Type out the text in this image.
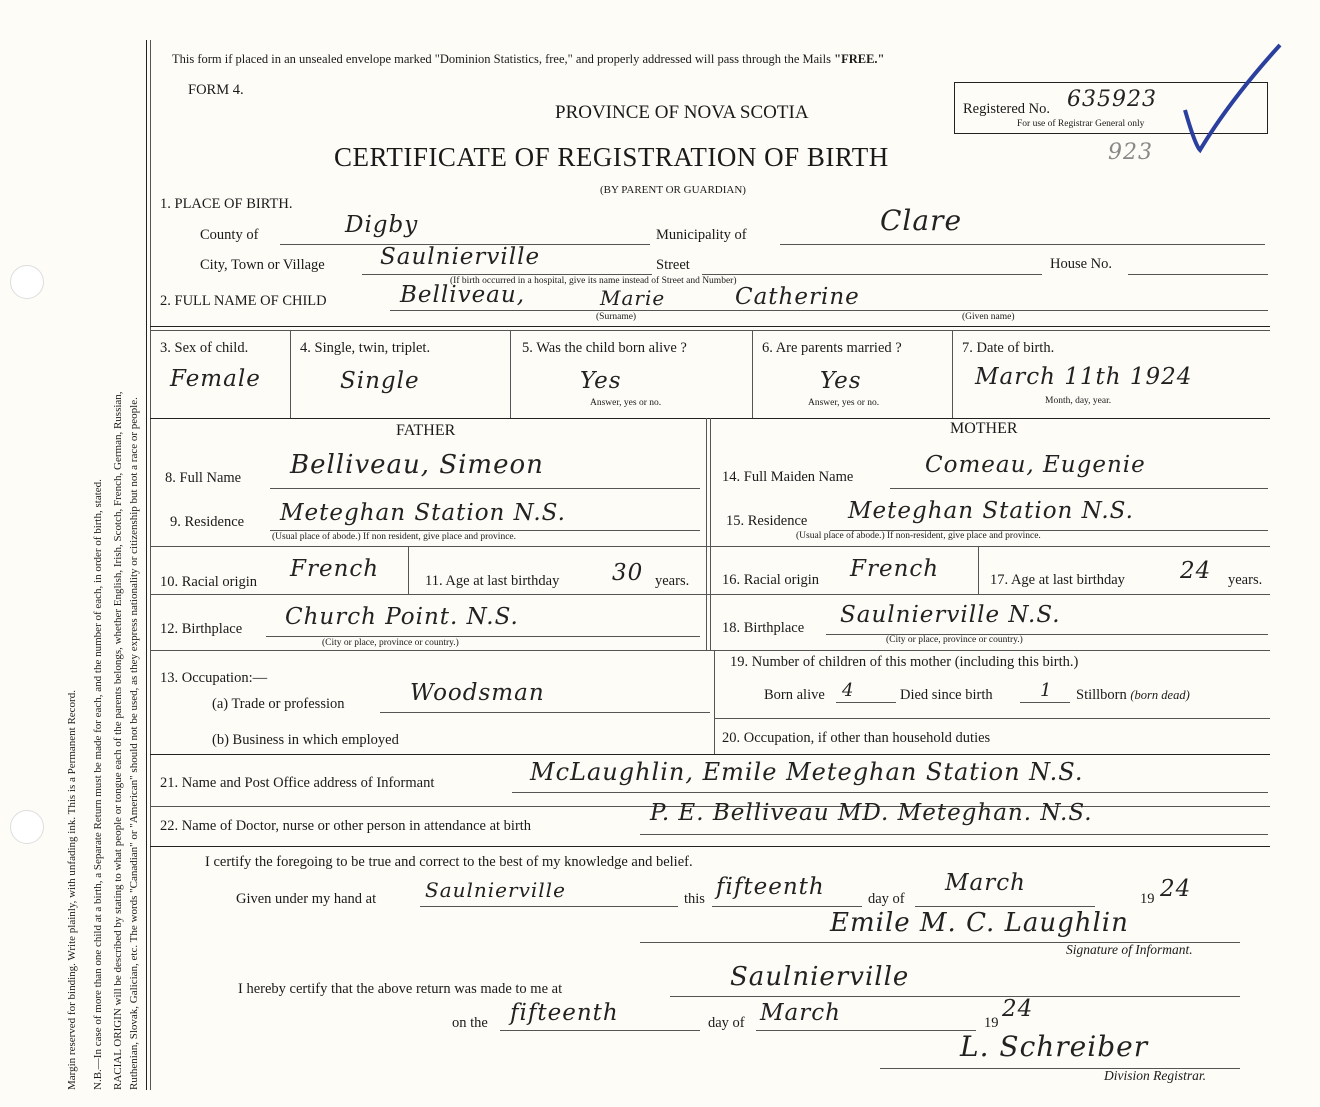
Margin reserved for binding. Write plainly, with unfading ink. This is a Permanent Record. N.B.—In case of more than one child at a birth, a Separate Return must be made for each, and the number of each, in order of birth, stated. RACIAL ORIGIN will be described by stating to what people or tongue each of the parents belongs, whether English, Irish, Scotch, French, German, Russian, Ruthenian, Slovak, Galician, etc. The words "Canadian" or "American" should not be used, as they express nationality or citizenship but not a race or people.
This form if placed in an unsealed envelope marked "Dominion Statistics, free," and properly addressed will pass through the Mails "FREE."
FORM 4.
PROVINCE OF NOVA SCOTIA
CERTIFICATE OF REGISTRATION OF BIRTH
(BY PARENT OR GUARDIAN)
923
Registered No. 635923
For use of Registrar General only
1. PLACE OF BIRTH.
County of	Digby	Municipality of	Clare
City, Town or Village Saulnierville	Street	House No.
(If birth occurred in a hospital, give its name instead of Street and Number)
2. FULL NAME OF CHILD	Belliveau,	Marie	Catherine
(Surname)	(Given name)
3. Sex of child.
Female
4. Single, twin, triplet.
Single
5. Was the child born alive ?
Yes
Answer, yes or no.
6. Are parents married ?
Yes
Answer, yes or no.
7. Date of birth.
March 11th 1924
Month, day, year.
FATHER	MOTHER
8. Full Name Belliveau, Simeon
9. Residence Meteghan Station N.S.
(Usual place of abode.) If non resident, give place and province.
10. Racial origin French	11. Age at last birthday 30 years.
12. Birthplace Church Point. N.S.
(City or place, province or country.)
14. Full Maiden Name	Comeau, Eugenie
15. Residence Meteghan Station N.S.
(Usual place of abode.) If non-resident, give place and province.
16. Racial origin French	17. Age at last birthday 24 years.
18. Birthplace Saulnierville N.S.
(City or place, province or country.)
13. Occupation:—
(a) Trade or profession	Woodsman
(b) Business in which employed
19. Number of children of this mother (including this birth.)
Born alive 4	Died since birth	1 Stillborn (born dead)
20. Occupation, if other than household duties
21. Name and Post Office address of Informant	McLaughlin, Emile Meteghan Station N.S.
22. Name of Doctor, nurse or other person in attendance at birth	P. E. Belliveau MD. Meteghan. N.S.
I certify the foregoing to be true and correct to the best of my knowledge and belief.
Given under my hand at Saulnierville	this fifteenth	day of
March
19 24
Emile M. C. Laughlin
Signature of Informant.
I hereby certify that the above return was made to me at	Saulnierville
on the fifteenth	day of March	19
24
L. Schreiber
Division Registrar.
